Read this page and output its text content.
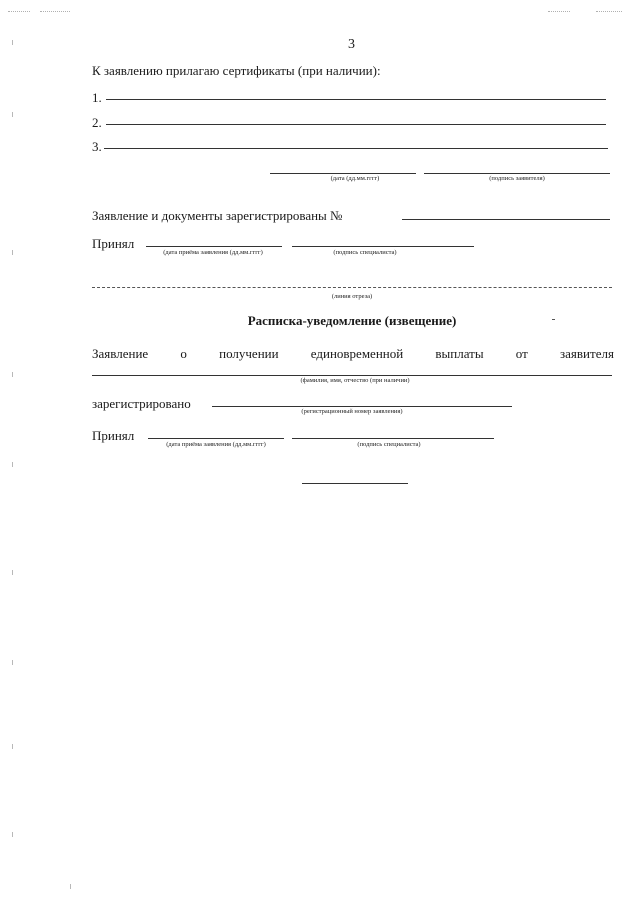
3
К заявлению прилагаю сертификаты (при наличии):
1.
2.
3.
(дата (дд.мм.гггг)	(подпись заявителя)
Заявление и документы зарегистрированы №
Принял
(дата приёма заявления (дд.мм.гггг)	(подпись специалиста)
(линия отреза)
Расписка-уведомление (извещение)
Заявление о получении единовременной выплаты от заявителя
(фамилия, имя, отчество (при наличии)
зарегистрировано
(регистрационный номер заявления)
Принял
(дата приёма заявления (дд.мм.гггг)	(подпись специалиста)
